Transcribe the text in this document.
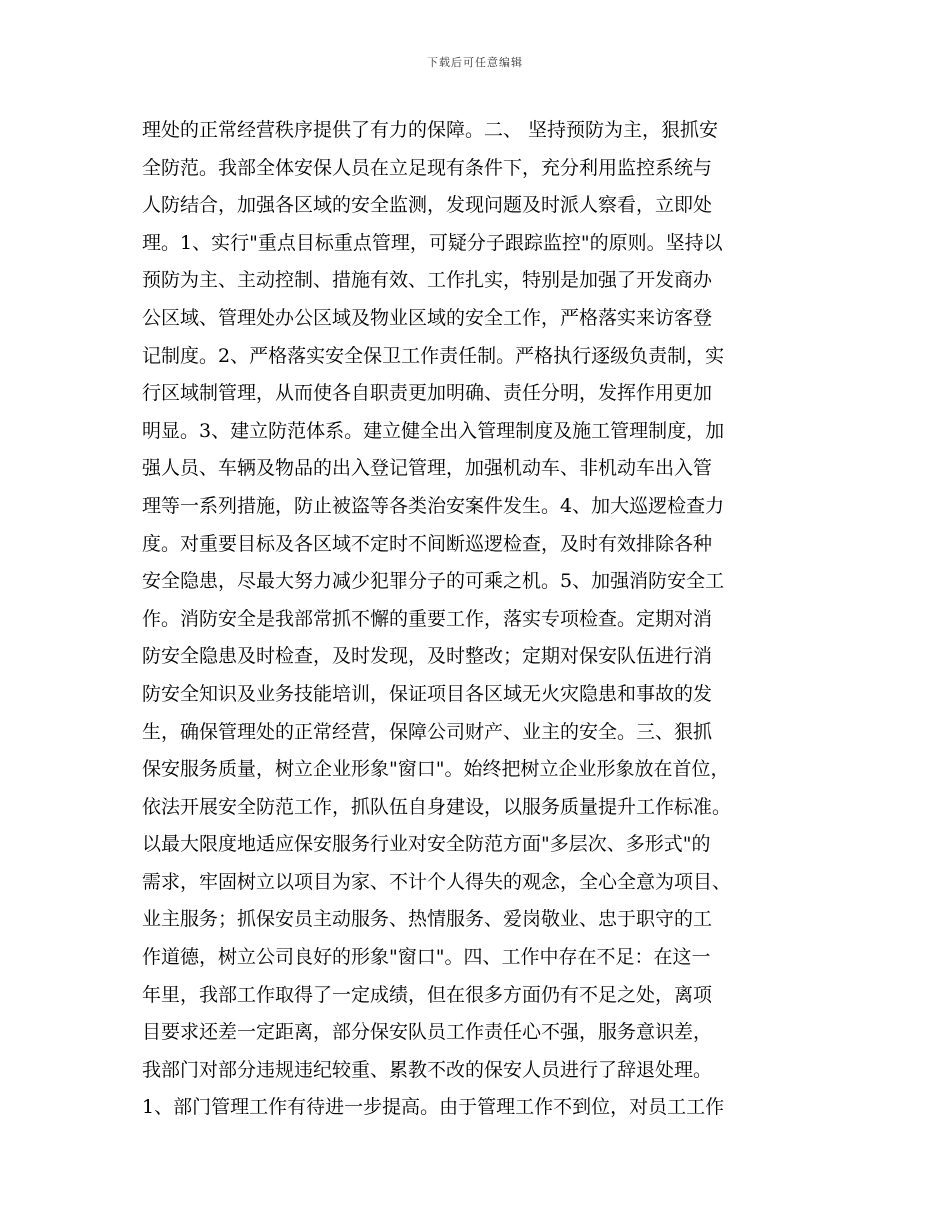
下载后可任意编辑
理处的正常经营秩序提供了有力的保障。二、 坚持预防为主，狠抓安
全防范。我部全体安保人员在立足现有条件下，充分利用监控系统与
人防结合，加强各区域的安全监测，发现问题及时派人察看，立即处
理。1、实行"重点目标重点管理，可疑分子跟踪监控"的原则。坚持以
预防为主、主动控制、措施有效、工作扎实，特别是加强了开发商办
公区域、管理处办公区域及物业区域的安全工作，严格落实来访客登
记制度。2、严格落实安全保卫工作责任制。严格执行逐级负责制，实
行区域制管理，从而使各自职责更加明确、责任分明，发挥作用更加
明显。3、建立防范体系。建立健全出入管理制度及施工管理制度，加
强人员、车辆及物品的出入登记管理，加强机动车、非机动车出入管
理等一系列措施，防止被盗等各类治安案件发生。4、加大巡逻检查力
度。对重要目标及各区域不定时不间断巡逻检查，及时有效排除各种
安全隐患，尽最大努力减少犯罪分子的可乘之机。5、加强消防安全工
作。消防安全是我部常抓不懈的重要工作，落实专项检查。定期对消
防安全隐患及时检查，及时发现，及时整改；定期对保安队伍进行消
防安全知识及业务技能培训，保证项目各区域无火灾隐患和事故的发
生，确保管理处的正常经营，保障公司财产、业主的安全。三、狠抓
保安服务质量，树立企业形象"窗口"。始终把树立企业形象放在首位，
依法开展安全防范工作，抓队伍自身建设，以服务质量提升工作标准。
以最大限度地适应保安服务行业对安全防范方面"多层次、多形式"的
需求，牢固树立以项目为家、不计个人得失的观念，全心全意为项目、
业主服务；抓保安员主动服务、热情服务、爱岗敬业、忠于职守的工
作道德，树立公司良好的形象"窗口"。四、工作中存在不足：在这一
年里，我部工作取得了一定成绩，但在很多方面仍有不足之处，离项
目要求还差一定距离，部分保安队员工作责任心不强，服务意识差，
我部门对部分违规违纪较重、累教不改的保安人员进行了辞退处理。
1、部门管理工作有待进一步提高。由于管理工作不到位，对员工工作
